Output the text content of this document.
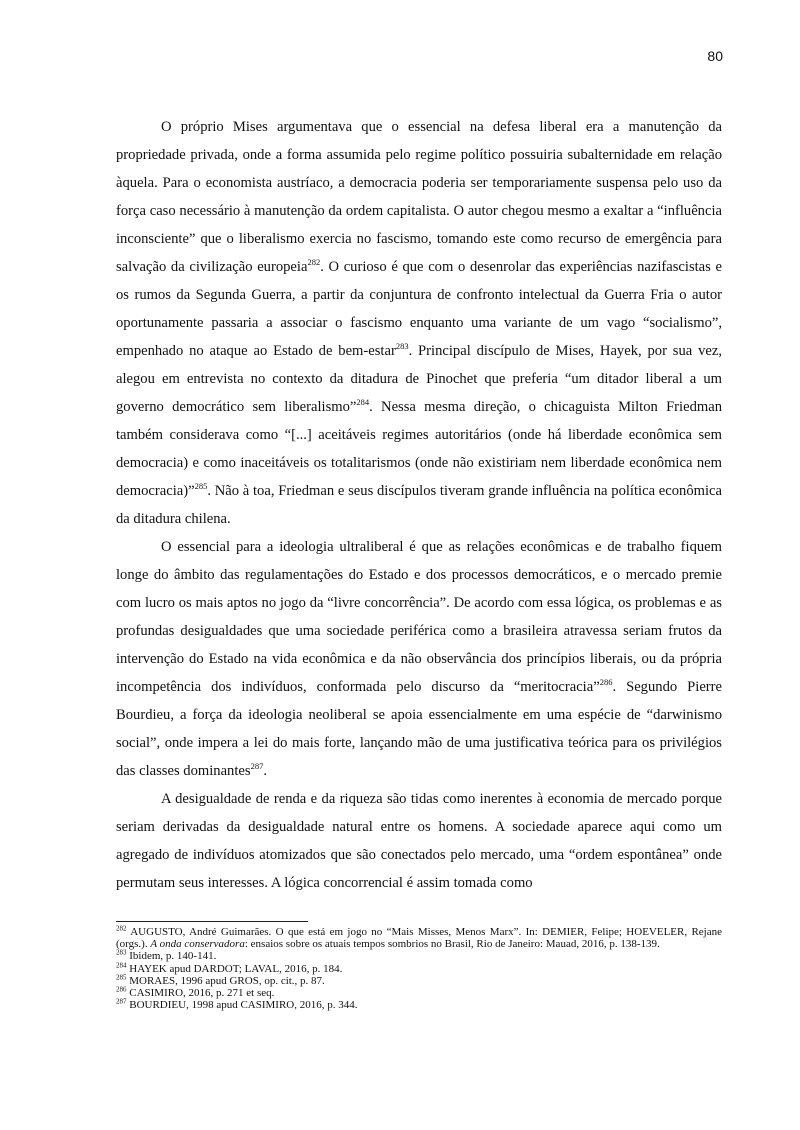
80

O próprio Mises argumentava que o essencial na defesa liberal era a manutenção da propriedade privada, onde a forma assumida pelo regime político possuiria subalternidade em relação àquela. Para o economista austríaco, a democracia poderia ser temporariamente suspensa pelo uso da força caso necessário à manutenção da ordem capitalista. O autor chegou mesmo a exaltar a “influência inconsciente” que o liberalismo exercia no fascismo, tomando este como recurso de emergência para salvação da civilização europeia$^{282}$. O curioso é que com o desenrolar das experiências nazifascistas e os rumos da Segunda Guerra, a partir da conjuntura de confronto intelectual da Guerra Fria o autor oportunamente passaria a associar o fascismo enquanto uma variante de um vago “socialismo”, empenhado no ataque ao Estado de bem-estar$^{283}$. Principal discípulo de Mises, Hayek, por sua vez, alegou em entrevista no contexto da ditadura de Pinochet que preferia “um ditador liberal a um governo democrático sem liberalismo”$^{284}$. Nessa mesma direção, o chicaguista Milton Friedman também considerava como “[...] aceitáveis regimes autoritários (onde há liberdade econômica sem democracia) e como inaceitáveis os totalitarismos (onde não existiriam nem liberdade econômica nem democracia)”$^{285}$. Não à toa, Friedman e seus discípulos tiveram grande influência na política econômica da ditadura chilena.

O essencial para a ideologia ultraliberal é que as relações econômicas e de trabalho fiquem longe do âmbito das regulamentações do Estado e dos processos democráticos, e o mercado premie com lucro os mais aptos no jogo da “livre concorrência”. De acordo com essa lógica, os problemas e as profundas desigualdades que uma sociedade periférica como a brasileira atravessa seriam frutos da intervenção do Estado na vida econômica e da não observância dos princípios liberais, ou da própria incompetência dos indivíduos, conformada pelo discurso da “meritocracia”$^{286}$. Segundo Pierre Bourdieu, a força da ideologia neoliberal se apoia essencialmente em uma espécie de “darwinismo social”, onde impera a lei do mais forte, lançando mão de uma justificativa teórica para os privilégios das classes dominantes$^{287}$.

A desigualdade de renda e da riqueza são tidas como inerentes à economia de mercado porque seriam derivadas da desigualdade natural entre os homens. A sociedade aparece aqui como um agregado de indivíduos atomizados que são conectados pelo mercado, uma “ordem espontânea” onde permutam seus interesses. A lógica concorrencial é assim tomada como

$^{282}$ AUGUSTO, André Guimarães. O que está em jogo no “Mais Misses, Menos Marx”. In: DEMIER, Felipe; HOEVELER, Rejane (orgs.). A onda conservadora: ensaios sobre os atuais tempos sombrios no Brasil, Rio de Janeiro: Mauad, 2016, p. 138-139.

$^{283}$ Ibidem, p. 140-141.

$^{284}$ HAYEK apud DARDOT; LAVAL, 2016, p. 184.

$^{285}$ MORAES, 1996 apud GROS, op. cit., p. 87.

$^{286}$ CASIMIRO, 2016, p. 271 et seq.

$^{287}$ BOURDIEU, 1998 apud CASIMIRO, 2016, p. 344.
